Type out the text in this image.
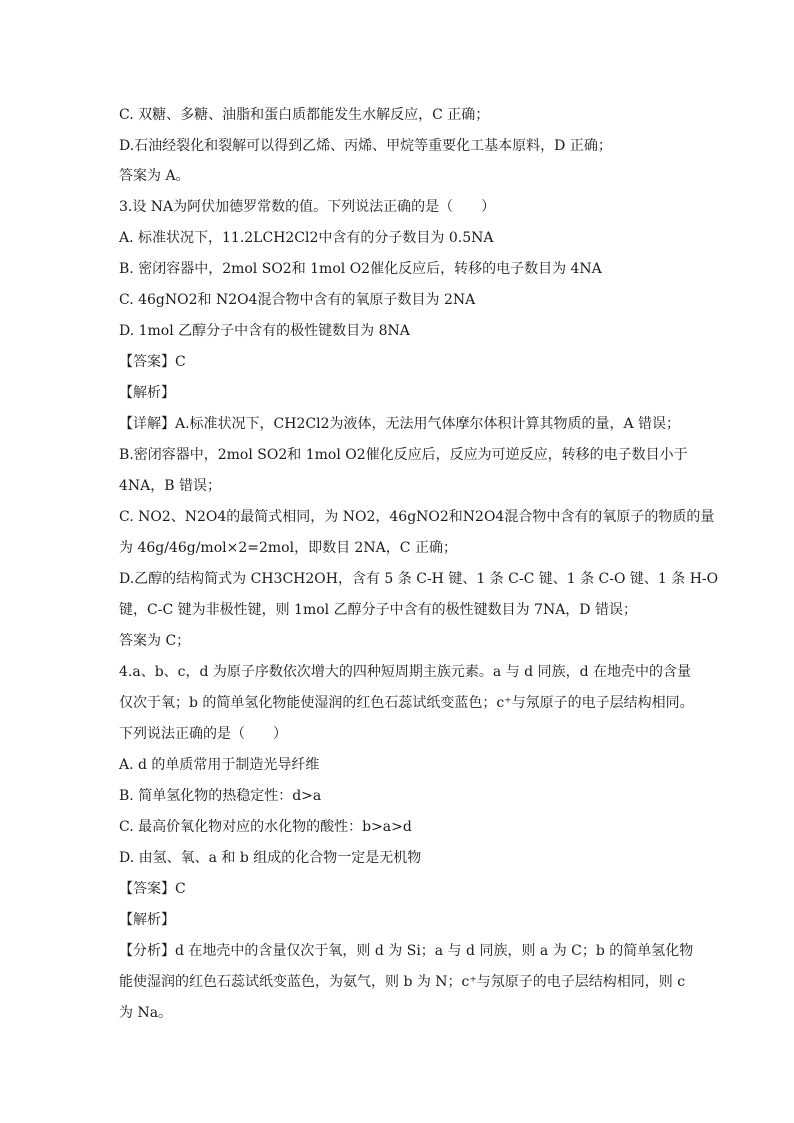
C. 双糖、多糖、油脂和蛋白质都能发生水解反应，C 正确；
D.石油经裂化和裂解可以得到乙烯、丙烯、甲烷等重要化工基本原料，D 正确；
答案为 A。
3.设 NA为阿伏加德罗常数的值。下列说法正确的是（　　）
A. 标准状况下，11.2LCH2Cl2中含有的分子数目为 0.5NA
B. 密闭容器中，2mol SO2和 1mol O2催化反应后，转移的电子数目为 4NA
C. 46gNO2和 N2O4混合物中含有的氧原子数目为 2NA
D. 1mol 乙醇分子中含有的极性键数目为 8NA
【答案】C
【解析】
【详解】A.标准状况下，CH2Cl2为液体，无法用气体摩尔体积计算其物质的量，A 错误；
B.密闭容器中，2mol SO2和 1mol O2催化反应后，反应为可逆反应，转移的电子数目小于
4NA，B 错误；
C. NO2、N2O4的最简式相同，为 NO2，46gNO2和N2O4混合物中含有的氧原子的物质的量
为 46g/46g/mol×2=2mol，即数目 2NA，C 正确；
D.乙醇的结构简式为 CH3CH2OH，含有 5 条 C-H 键、1 条 C-C 键、1 条 C-O 键、1 条 H-O
键，C-C 键为非极性键，则 1mol 乙醇分子中含有的极性键数目为 7NA，D 错误；
答案为 C；
4.a、b、c，d 为原子序数依次增大的四种短周期主族元素。a 与 d 同族，d 在地壳中的含量
仅次于氧；b 的简单氢化物能使湿润的红色石蕊试纸变蓝色；c⁺与氖原子的电子层结构相同。
下列说法正确的是（　　）
A. d 的单质常用于制造光导纤维
B. 简单氢化物的热稳定性：d>a
C. 最高价氧化物对应的水化物的酸性：b>a>d
D. 由氢、氧、a 和 b 组成的化合物一定是无机物
【答案】C
【解析】
【分析】d 在地壳中的含量仅次于氧，则 d 为 Si；a 与 d 同族，则 a 为 C；b 的简单氢化物
能使湿润的红色石蕊试纸变蓝色，为氨气，则 b 为 N；c⁺与氖原子的电子层结构相同，则 c
为 Na。
